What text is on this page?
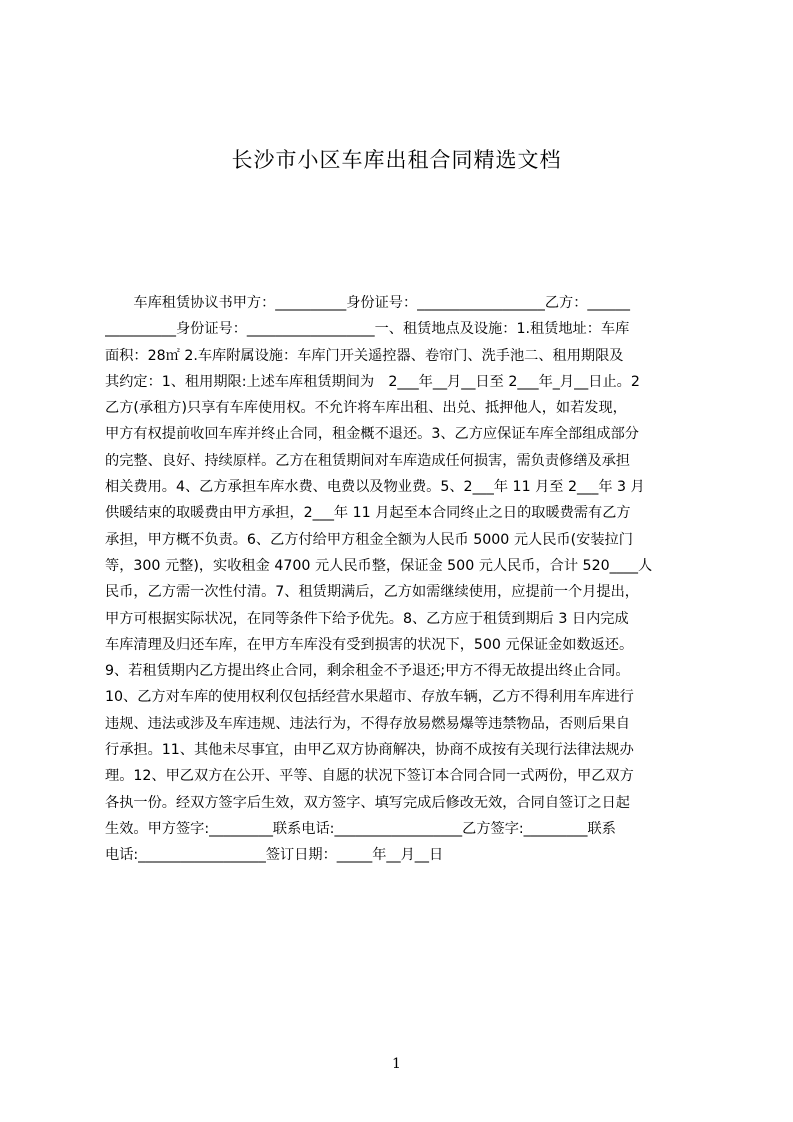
长沙市小区车库出租合同精选文档
　　车库租赁协议书甲方：__________身份证号：__________________乙方：______
__________身份证号：__________________一、租赁地点及设施：1.租赁地址：车库
面积：28㎡ 2.车库附属设施：车库门开关遥控器、卷帘门、洗手池二、租用期限及
其约定：1、租用期限:上述车库租赁期间为　2___年__月__日至 2___年_月__日止。2
乙方(承租方)只享有车库使用权。不允许将车库出租、出兑、抵押他人，如若发现，
甲方有权提前收回车库并终止合同，租金概不退还。3、乙方应保证车库全部组成部分
的完整、良好、持续原样。乙方在租赁期间对车库造成任何损害，需负责修缮及承担
相关费用。4、乙方承担车库水费、电费以及物业费。5、2___年 11 月至 2___年 3 月
供暖结束的取暖费由甲方承担，2___年 11 月起至本合同终止之日的取暖费需有乙方
承担，甲方概不负责。6、乙方付给甲方租金全额为人民币 5000 元人民币(安装拉门
等，300 元整)，实收租金 4700 元人民币整，保证金 500 元人民币，合计 520____人
民币，乙方需一次性付清。7、租赁期满后，乙方如需继续使用，应提前一个月提出，
甲方可根据实际状况，在同等条件下给予优先。8、乙方应于租赁到期后 3 日内完成
车库清理及归还车库，在甲方车库没有受到损害的状况下，500 元保证金如数返还。
9、若租赁期内乙方提出终止合同，剩余租金不予退还;甲方不得无故提出终止合同。
10、乙方对车库的使用权利仅包括经营水果超市、存放车辆，乙方不得利用车库进行
违规、违法或涉及车库违规、违法行为，不得存放易燃易爆等违禁物品，否则后果自
行承担。11、其他未尽事宜，由甲乙双方协商解决，协商不成按有关现行法律法规办
理。12、甲乙双方在公开、平等、自愿的状况下签订本合同合同一式两份，甲乙双方
各执一份。经双方签字后生效，双方签字、填写完成后修改无效，合同自签订之日起
生效。甲方签字:_________联系电话:__________________乙方签字:_________联系
电话:__________________签订日期：_____年__月__日
1
